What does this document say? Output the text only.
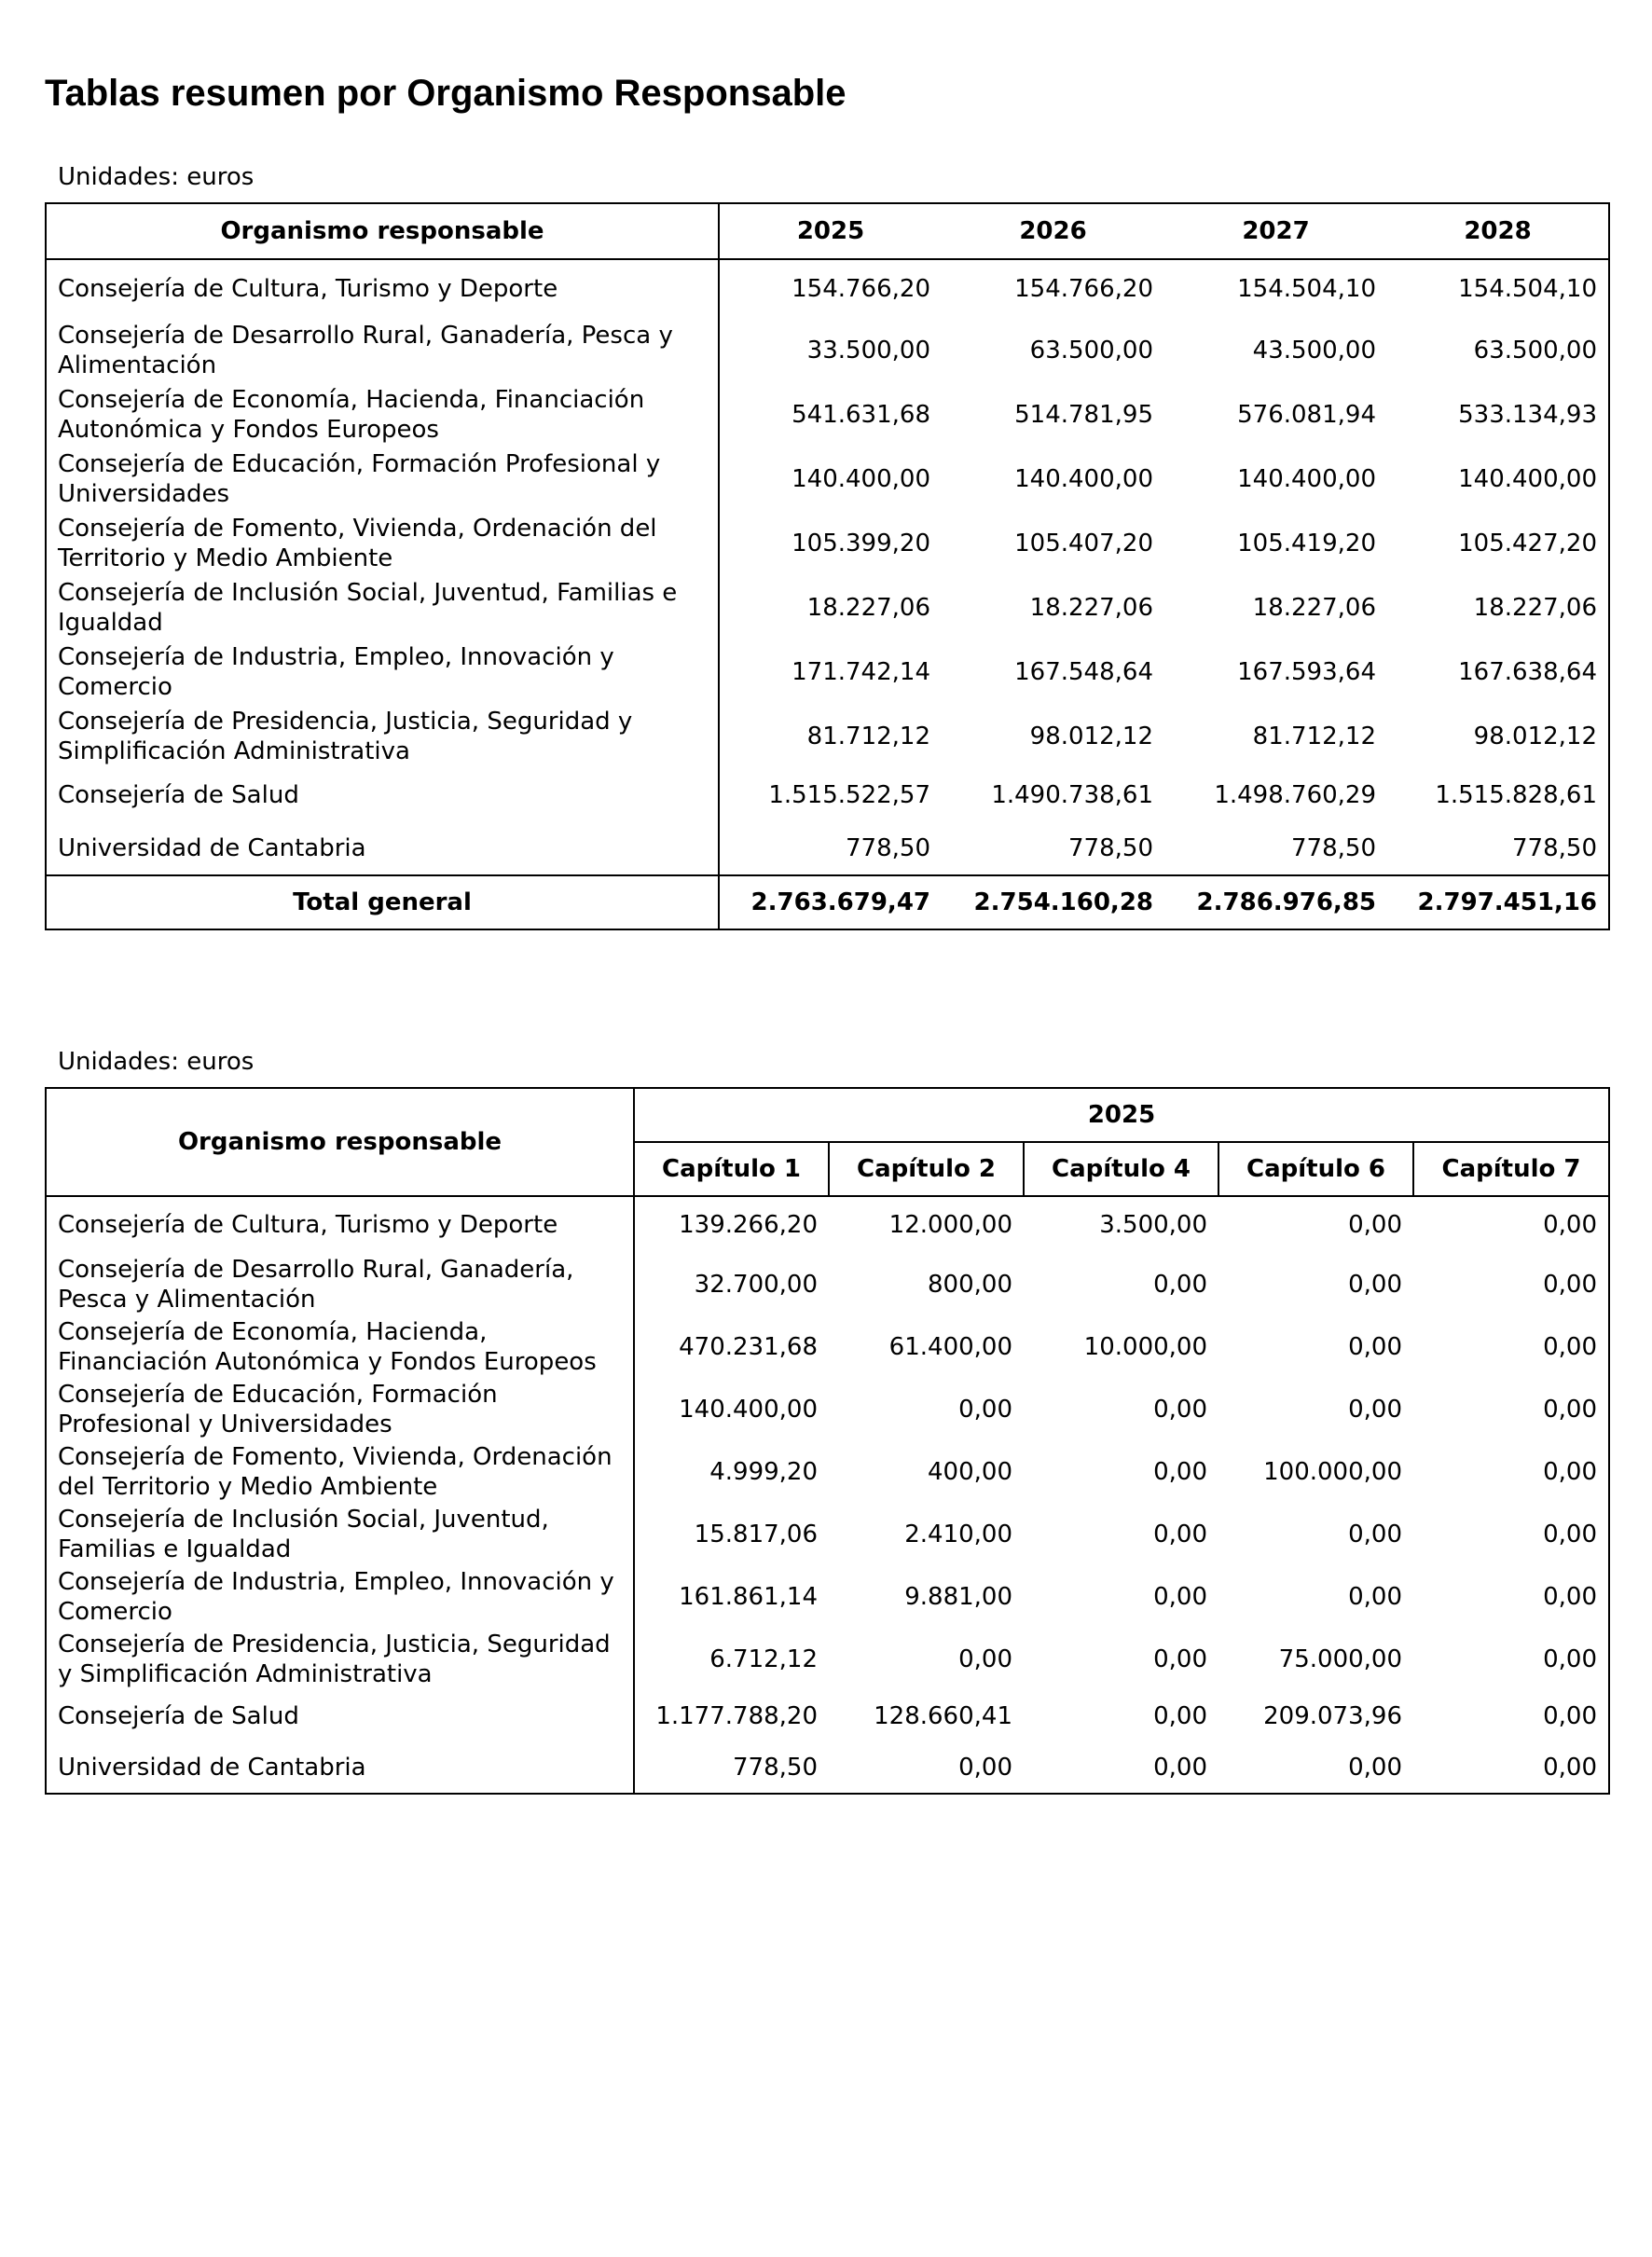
Tablas resumen por Organismo Responsable
Unidades: euros
Organismo responsable	2025	2026	2027	2028
Consejería de Cultura, Turismo y Deporte	154.766,20	154.766,20	154.504,10	154.504,10
Consejería de Desarrollo Rural, Ganadería, Pesca y Alimentación	33.500,00	63.500,00	43.500,00	63.500,00
Consejería de Economía, Hacienda, Financiación Autonómica y Fondos Europeos	541.631,68	514.781,95	576.081,94	533.134,93
Consejería de Educación, Formación Profesional y Universidades	140.400,00	140.400,00	140.400,00	140.400,00
Consejería de Fomento, Vivienda, Ordenación del Territorio y Medio Ambiente	105.399,20	105.407,20	105.419,20	105.427,20
Consejería de Inclusión Social, Juventud, Familias e Igualdad	18.227,06	18.227,06	18.227,06	18.227,06
Consejería de Industria, Empleo, Innovación y Comercio	171.742,14	167.548,64	167.593,64	167.638,64
Consejería de Presidencia, Justicia, Seguridad y Simplificación Administrativa	81.712,12	98.012,12	81.712,12	98.012,12
Consejería de Salud	1.515.522,57	1.490.738,61	1.498.760,29	1.515.828,61
Universidad de Cantabria	778,50	778,50	778,50	778,50
Total general	2.763.679,47	2.754.160,28	2.786.976,85	2.797.451,16
Unidades: euros
Organismo responsable	2025				
	Capítulo 1	Capítulo 2	Capítulo 4	Capítulo 6	Capítulo 7
Consejería de Cultura, Turismo y Deporte	139.266,20	12.000,00	3.500,00	0,00	0,00
Consejería de Desarrollo Rural, Ganadería, Pesca y Alimentación	32.700,00	800,00	0,00	0,00	0,00
Consejería de Economía, Hacienda, Financiación Autonómica y Fondos Europeos	470.231,68	61.400,00	10.000,00	0,00	0,00
Consejería de Educación, Formación Profesional y Universidades	140.400,00	0,00	0,00	0,00	0,00
Consejería de Fomento, Vivienda, Ordenación del Territorio y Medio Ambiente	4.999,20	400,00	0,00	100.000,00	0,00
Consejería de Inclusión Social, Juventud, Familias e Igualdad	15.817,06	2.410,00	0,00	0,00	0,00
Consejería de Industria, Empleo, Innovación y Comercio	161.861,14	9.881,00	0,00	0,00	0,00
Consejería de Presidencia, Justicia, Seguridad y Simplificación Administrativa	6.712,12	0,00	0,00	75.000,00	0,00
Consejería de Salud	1.177.788,20	128.660,41	0,00	209.073,96	0,00
Universidad de Cantabria	778,50	0,00	0,00	0,00	0,00
